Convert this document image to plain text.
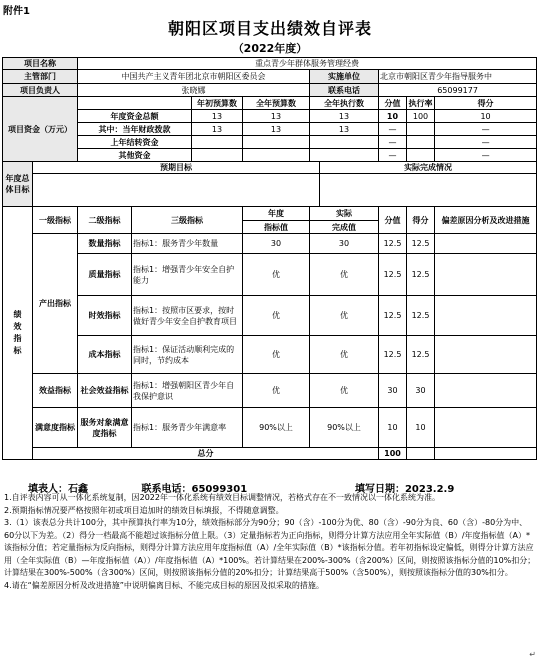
附件1
朝阳区项目支出绩效自评表
（2022年度）
项目名称		重点青少年群体服务管理经费								
主管部门		中国共产主义青年团北京市朝阳区委员会				实施单位		北京市朝阳区青少年指导服务中		
项目负责人		张晓娜				联系电话		65099177		
项目资金（万元）				年初预算数	全年预算数	全年执行数		分值	执行率	得分
		年度资金总额		13	13	13		10	100	10
		其中：当年财政拨款		13	13	13		—		—
		上年结转资金						—		—
		其他资金						—		—
年度总体目标	预期目标						实际完成情况			

绩效指标	一级指标	二级指标	三级指标		年度	实际		分值	得分	偏差原因分析及改进措施
					指标值	完成值				
	产出指标	数量指标	指标1：服务青少年数量		30	30		12.5	12.5	
		质量指标	指标1：增强青少年安全自护能力		优	优		12.5	12.5	
		时效指标	指标1：按照市区要求，按时做好青少年安全自护教育项目		优	优		12.5	12.5	
		成本指标	指标1：保证活动顺利完成的同时，节约成本		优	优		12.5	12.5	
	效益指标	社会效益指标	指标1：增强朝阳区青少年自我保护意识		优	优		30	30	
	满意度指标	服务对象满意度指标	指标1：服务青少年满意率		90%以上	90%以上		10	10	
	总分							100		
填表人：石鑫	联系电话：65099301	填写日期：2023.2.9
1.自评表内容可从一体化系统复制，因2022年一体化系统有绩效目标调整情况，若格式存在不一致情况以一体化系统为准。
2.预期指标情况要严格按照年初或项目追加时的绩效目标填报，不得随意调整。
3.（1）该表总分共计100分，其中预算执行率为10分，绩效指标部分为90分；90（含）-100分为优、80（含）-90分为良、60（含）-80分为中、60分以下为差。（2）得分一档最高不能超过该指标分值上限。（3）定量指标若为正向指标，则得分计算方法应用全年实际值（B）/年度指标值（A）*该指标分值；若定量指标为反向指标，则得分计算方法应用年度指标值（A）/全年实际值（B）*该指标分值。若年初指标设定偏低，则得分计算方法应用（全年实际值（B）—年度指标值（A））/年度指标值（A）*100%。若计算结果在200%-300%（含200%）区间，则按照该指标分值的10%扣分；计算结果在300%-500%（含300%）区间，则按照该指标分值的20%扣分；计算结果高于500%（含500%），则按照该指标分值的30%扣分。
4.请在“偏差原因分析及改进措施”中说明偏离目标、不能完成目标的原因及拟采取的措施。
↵
